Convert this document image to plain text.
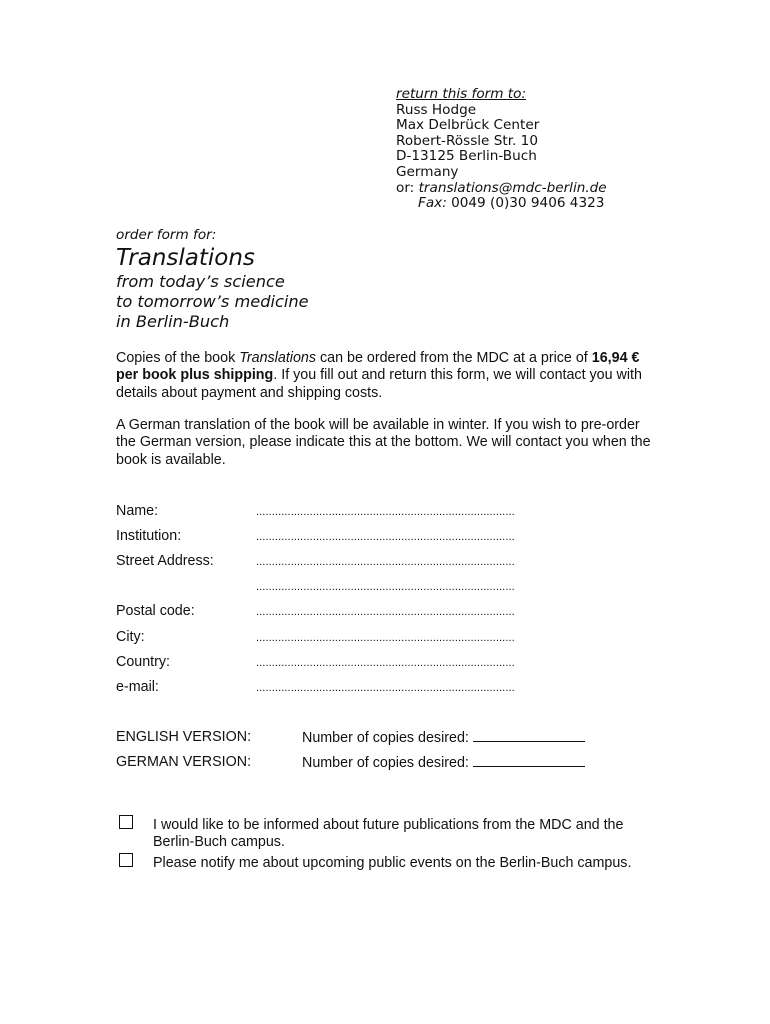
return this form to:
Russ Hodge
Max Delbrück Center
Robert-Rössle Str. 10
D-13125 Berlin-Buch
Germany
or: translations@mdc-berlin.de
Fax: 0049 (0)30 9406 4323
order form for:
Translations
from today’s science
to tomorrow’s medicine
in Berlin-Buch
Copies of the book Translations can be ordered from the MDC at a price of 16,94 € per book plus shipping. If you fill out and return this form, we will contact you with details about payment and shipping costs.
A German translation of the book will be available in winter. If you wish to pre-order the German version, please indicate this at the bottom. We will contact you when the book is available.
Name:	..................................................................................
Institution:	..................................................................................
Street Address:	..................................................................................
..................................................................................
Postal code:	..................................................................................
City:	..................................................................................
Country:	..................................................................................
e-mail:	..................................................................................
ENGLISH VERSION:	Number of copies desired:
GERMAN VERSION:	Number of copies desired:
I would like to be informed about future publications from the MDC and the Berlin-Buch campus.
Please notify me about upcoming public events on the Berlin-Buch campus.
